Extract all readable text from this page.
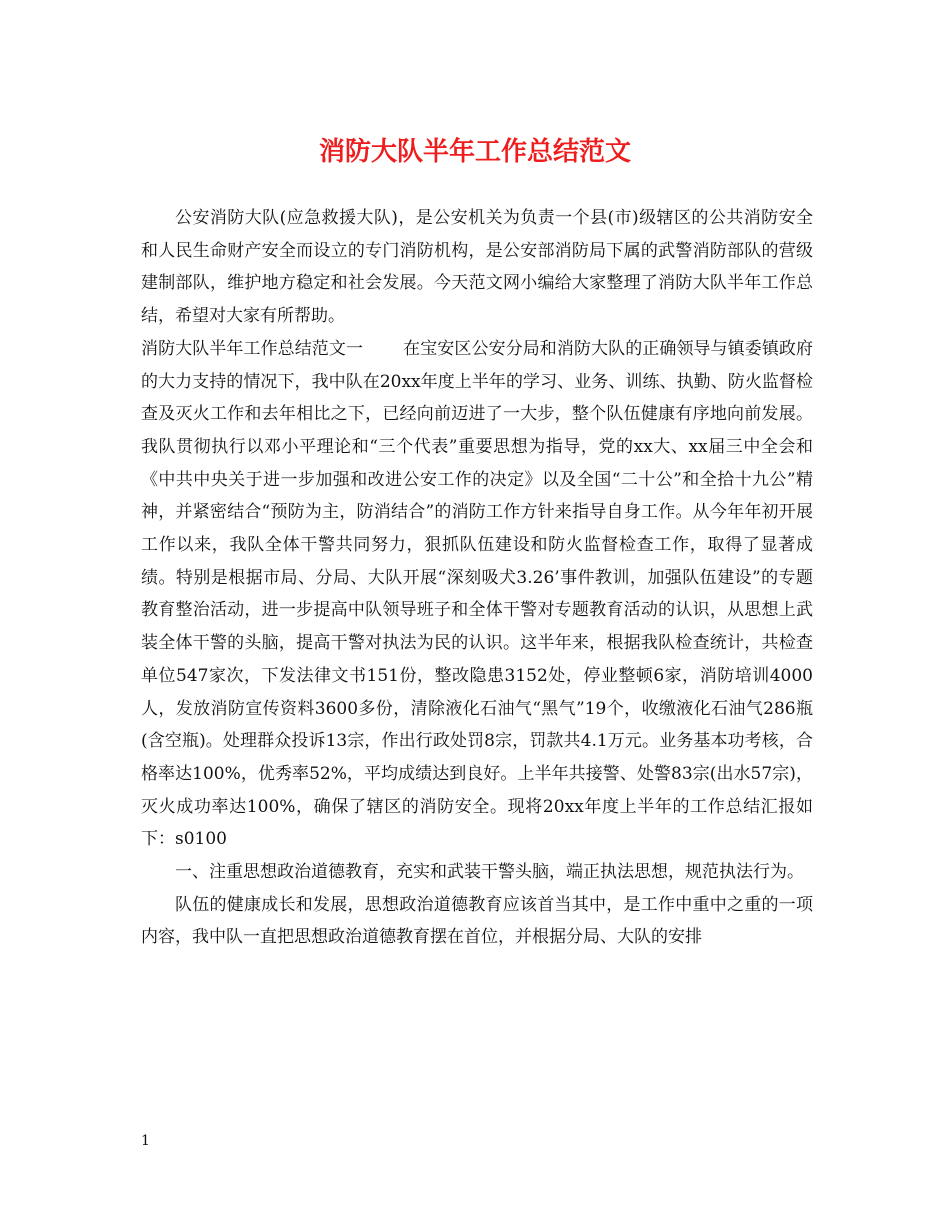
消防大队半年工作总结范文

公安消防大队(应急救援大队)，是公安机关为负责一个县(市)级辖区的公共消防安全和人民生命财产安全而设立的专门消防机构，是公安部消防局下属的武警消防部队的营级建制部队，维护地方稳定和社会发展。今天范文网小编给大家整理了消防大队半年工作总结，希望对大家有所帮助。

消防大队半年工作总结范文一 在宝安区公安分局和消防大队的正确领导与镇委镇政府的大力支持的情况下，我中队在20xx年度上半年的学习、业务、训练、执勤、防火监督检查及灭火工作和去年相比之下，已经向前迈进了一大步，整个队伍健康有序地向前发展。我队贯彻执行以邓小平理论和“三个代表”重要思想为指导，党的xx大、xx届三中全会和《中共中央关于进一步加强和改进公安工作的决定》以及全国“二十公”和全拾十九公”精神，并紧密结合“预防为主，防消结合”的消防工作方针来指导自身工作。从今年年初开展工作以来，我队全体干警共同努力，狠抓队伍建设和防火监督检查工作，取得了显著成绩。特别是根据市局、分局、大队开展“深刻吸犬3.26’事件教训，加强队伍建设”的专题教育整治活动，进一步提高中队领导班子和全体干警对专题教育活动的认识，从思想上武装全体干警的头脑，提高干警对执法为民的认识。这半年来，根据我队检查统计，共检查单位547家次，下发法律文书151份，整改隐患3152处，停业整顿6家，消防培训4000人，发放消防宣传资料3600多份，清除液化石油气“黑气”19个，收缴液化石油气286瓶(含空瓶)。处理群众投诉13宗，作出行政处罚8宗，罚款共4.1万元。业务基本功考核，合格率达100%，优秀率52%，平均成绩达到良好。上半年共接警、处警83宗(出水57宗)，灭火成功率达100%，确保了辖区的消防安全。现将20xx年度上半年的工作总结汇报如下：s0100

一、注重思想政治道德教育，充实和武装干警头脑，端正执法思想，规范执法行为。

队伍的健康成长和发展，思想政治道德教育应该首当其中，是工作中重中之重的一项内容，我中队一直把思想政治道德教育摆在首位，并根据分局、大队的安排

1
